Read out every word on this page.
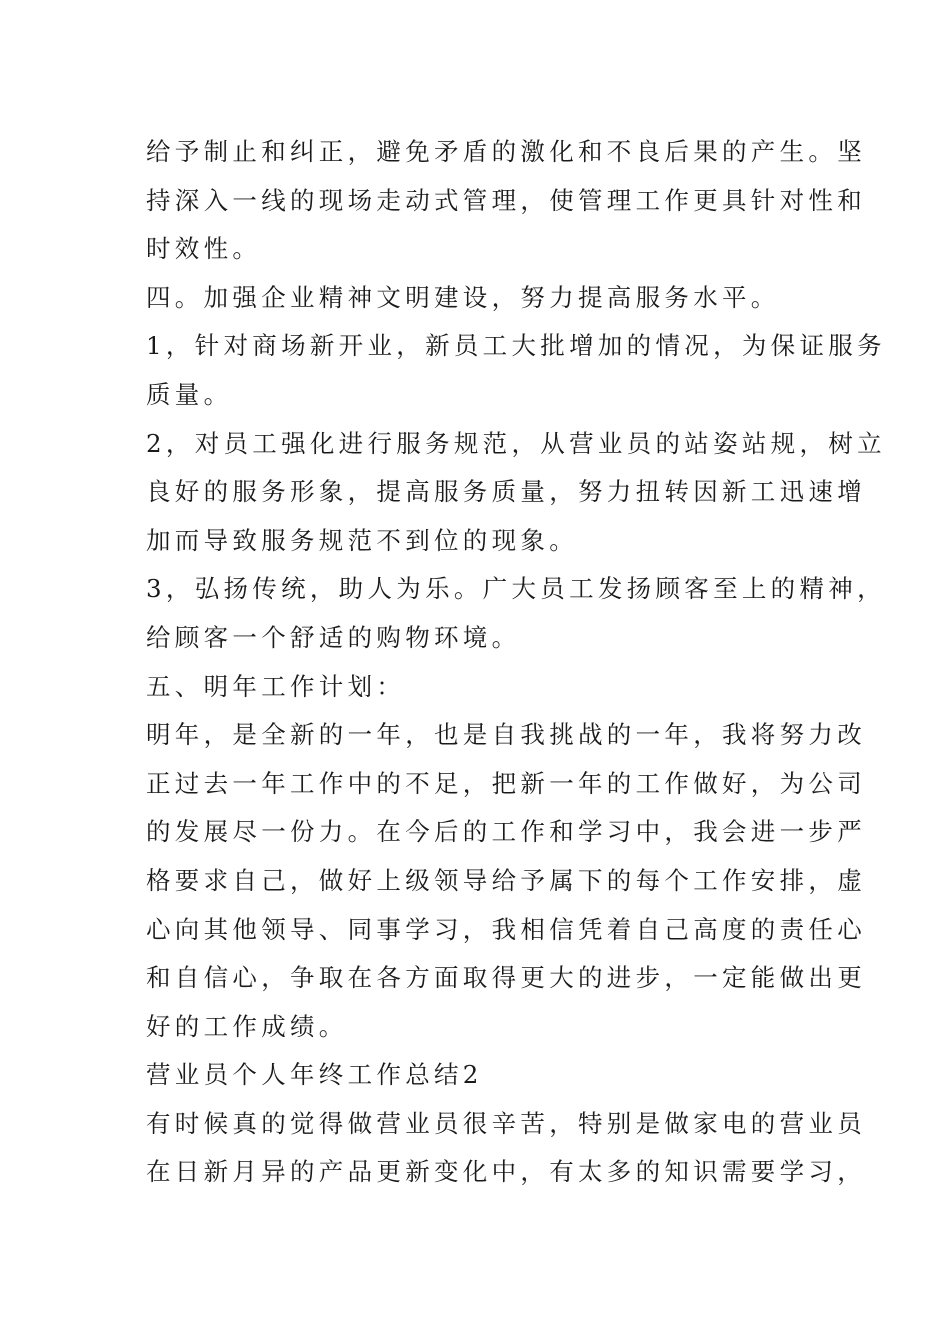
给予制止和纠正，避免矛盾的激化和不良后果的产生。坚
持深入一线的现场走动式管理，使管理工作更具针对性和
时效性。
四。加强企业精神文明建设，努力提高服务水平。
1，针对商场新开业，新员工大批增加的情况，为保证服务
质量。
2，对员工强化进行服务规范，从营业员的站姿站规，树立
良好的服务形象，提高服务质量，努力扭转因新工迅速增
加而导致服务规范不到位的现象。
3，弘扬传统，助人为乐。广大员工发扬顾客至上的精神，
给顾客一个舒适的购物环境。
五、明年工作计划：
明年，是全新的一年，也是自我挑战的一年，我将努力改
正过去一年工作中的不足，把新一年的工作做好，为公司
的发展尽一份力。在今后的工作和学习中，我会进一步严
格要求自己，做好上级领导给予属下的每个工作安排，虚
心向其他领导、同事学习，我相信凭着自己高度的责任心
和自信心，争取在各方面取得更大的进步，一定能做出更
好的工作成绩。
营业员个人年终工作总结2
有时候真的觉得做营业员很辛苦，特别是做家电的营业员
在日新月异的产品更新变化中，有太多的知识需要学习，
